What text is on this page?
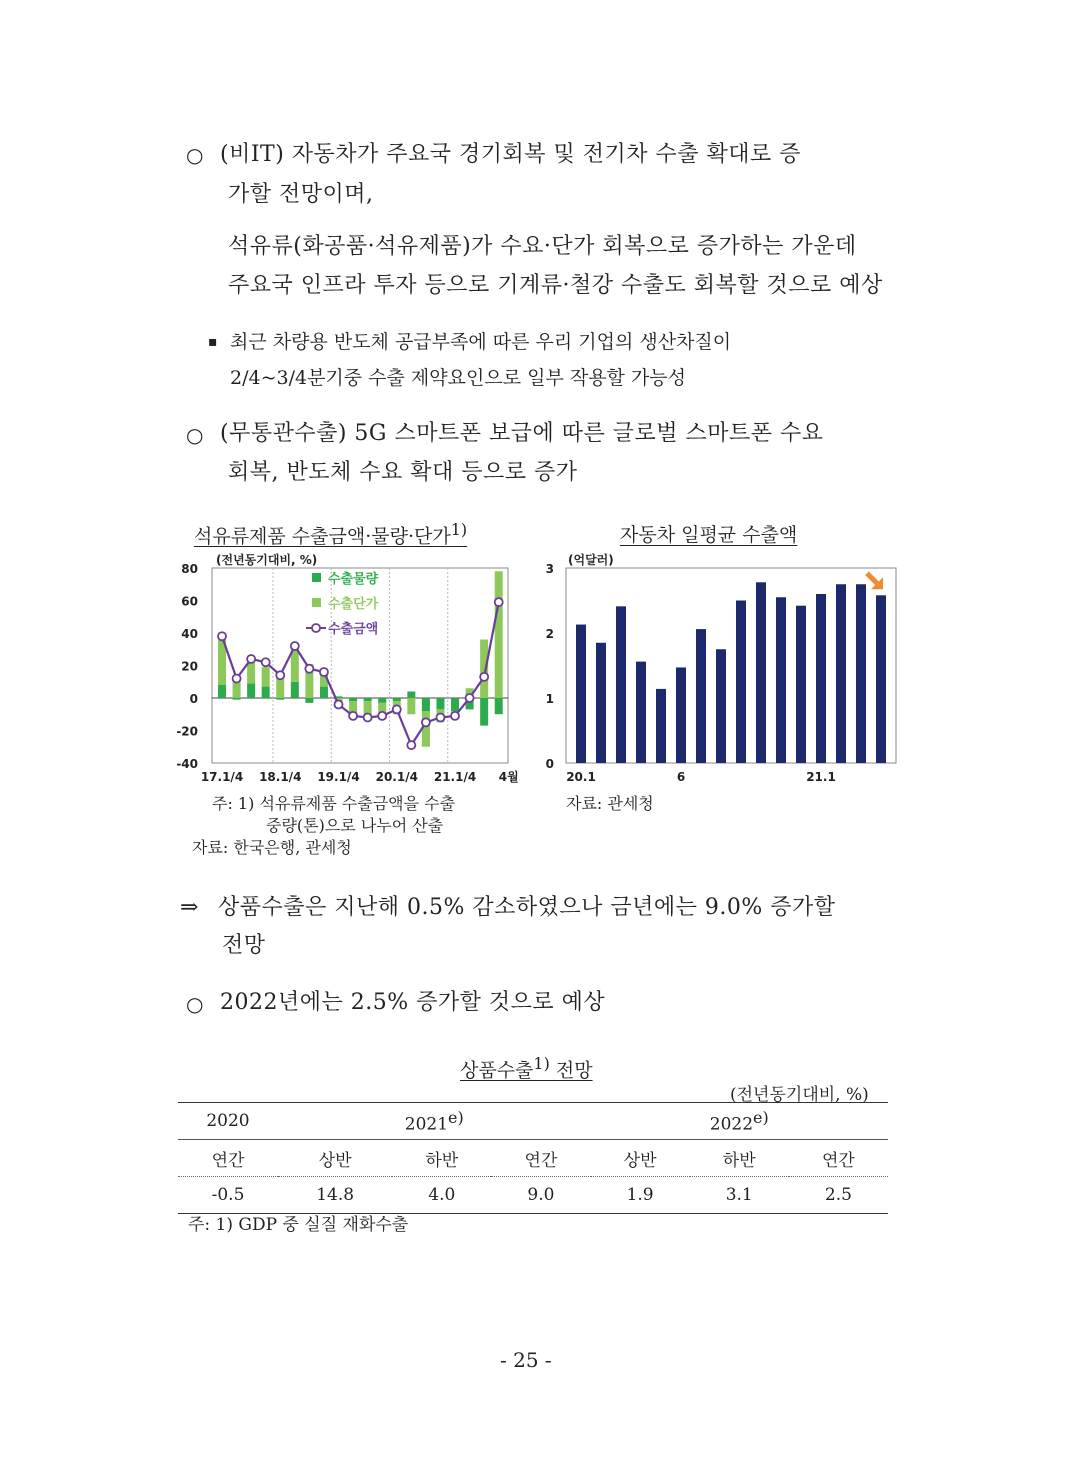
○ (비IT) 자동차가 주요국 경기회복 및 전기차 수출 확대로 증
가할 전망이며,
석유류(화공품·석유제품)가 수요·단가 회복으로 증가하는 가운데
주요국 인프라 투자 등으로 기계류·철강 수출도 회복할 것으로 예상
▪ 최근 차량용 반도체 공급부족에 따른 우리 기업의 생산차질이
2/4~3/4분기중 수출 제약요인으로 일부 작용할 가능성
○ (무통관수출) 5G 스마트폰 보급에 따른 글로벌 스마트폰 수요
회복, 반도체 수요 확대 등으로 증가
석유류제품 수출금액·물량·단가$^{1)}$	자동차 일평균 수출액
80
60
40
20
0
-20
-40
(전년동기대비, %)
수출물량
수출단가
수출금액
17.1/4 18.1/4 19.1/4 20.1/4 21.1/4 4월
3
2
1
0
(억달러)
20.1	6	21.1
주: 1) 석유류제품 수출금액을 수출
중량(톤)으로 나누어 산출
자료: 한국은행, 관세청
자료: 관세청
⇒ 상품수출은 지난해 0.5% 감소하였으나 금년에는 9.0% 증가할
전망
○ 2022년에는 2.5% 증가할 것으로 예상
상품수출$^{1)}$ 전망
(전년동기대비, %)
2020	2021$^{e)}$			2022$^{e)}$
연간	상반	하반	연간	상반	하반	연간
-0.5	14.8	4.0	9.0	1.9	3.1	2.5
주: 1) GDP 중 실질 재화수출
- 25 -
